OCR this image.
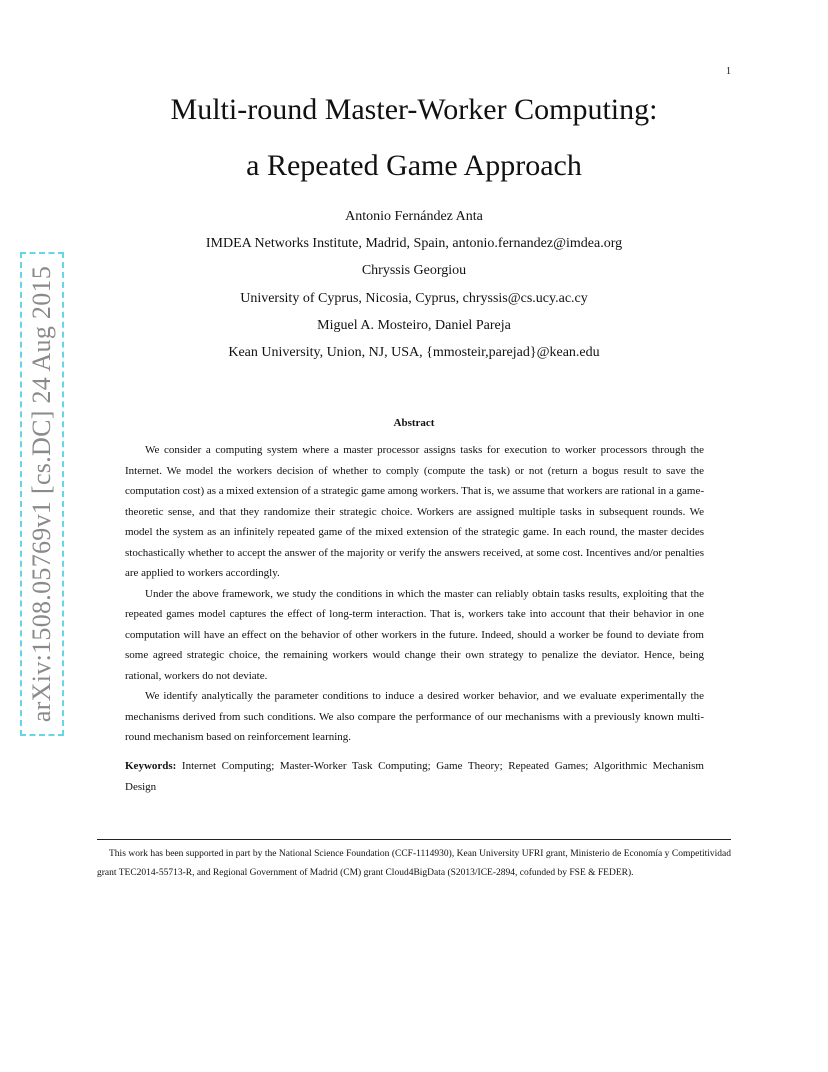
1
arXiv:1508.05769v1 [cs.DC] 24 Aug 2015
Multi-round Master-Worker Computing:
a Repeated Game Approach
Antonio Fernández Anta
IMDEA Networks Institute, Madrid, Spain, antonio.fernandez@imdea.org
Chryssis Georgiou
University of Cyprus, Nicosia, Cyprus, chryssis@cs.ucy.ac.cy
Miguel A. Mosteiro, Daniel Pareja
Kean University, Union, NJ, USA, {mmosteir,parejad}@kean.edu
Abstract

We consider a computing system where a master processor assigns tasks for execution to worker processors through the Internet. We model the workers decision of whether to comply (compute the task) or not (return a bogus result to save the computation cost) as a mixed extension of a strategic game among workers. That is, we assume that workers are rational in a game-theoretic sense, and that they randomize their strategic choice. Workers are assigned multiple tasks in subsequent rounds. We model the system as an infinitely repeated game of the mixed extension of the strategic game. In each round, the master decides stochastically whether to accept the answer of the majority or verify the answers received, at some cost. Incentives and/or penalties are applied to workers accordingly.

Under the above framework, we study the conditions in which the master can reliably obtain tasks results, exploiting that the repeated games model captures the effect of long-term interaction. That is, workers take into account that their behavior in one computation will have an effect on the behavior of other workers in the future. Indeed, should a worker be found to deviate from some agreed strategic choice, the remaining workers would change their own strategy to penalize the deviator. Hence, being rational, workers do not deviate.

We identify analytically the parameter conditions to induce a desired worker behavior, and we evaluate experimentally the mechanisms derived from such conditions. We also compare the performance of our mechanisms with a previously known multi-round mechanism based on reinforcement learning.

Keywords: Internet Computing; Master-Worker Task Computing; Game Theory; Repeated Games; Algorithmic Mechanism Design
This work has been supported in part by the National Science Foundation (CCF-1114930), Kean University UFRI grant, Ministerio de Economía y Competitividad grant TEC2014-55713-R, and Regional Government of Madrid (CM) grant Cloud4BigData (S2013/ICE-2894, cofunded by FSE & FEDER).
